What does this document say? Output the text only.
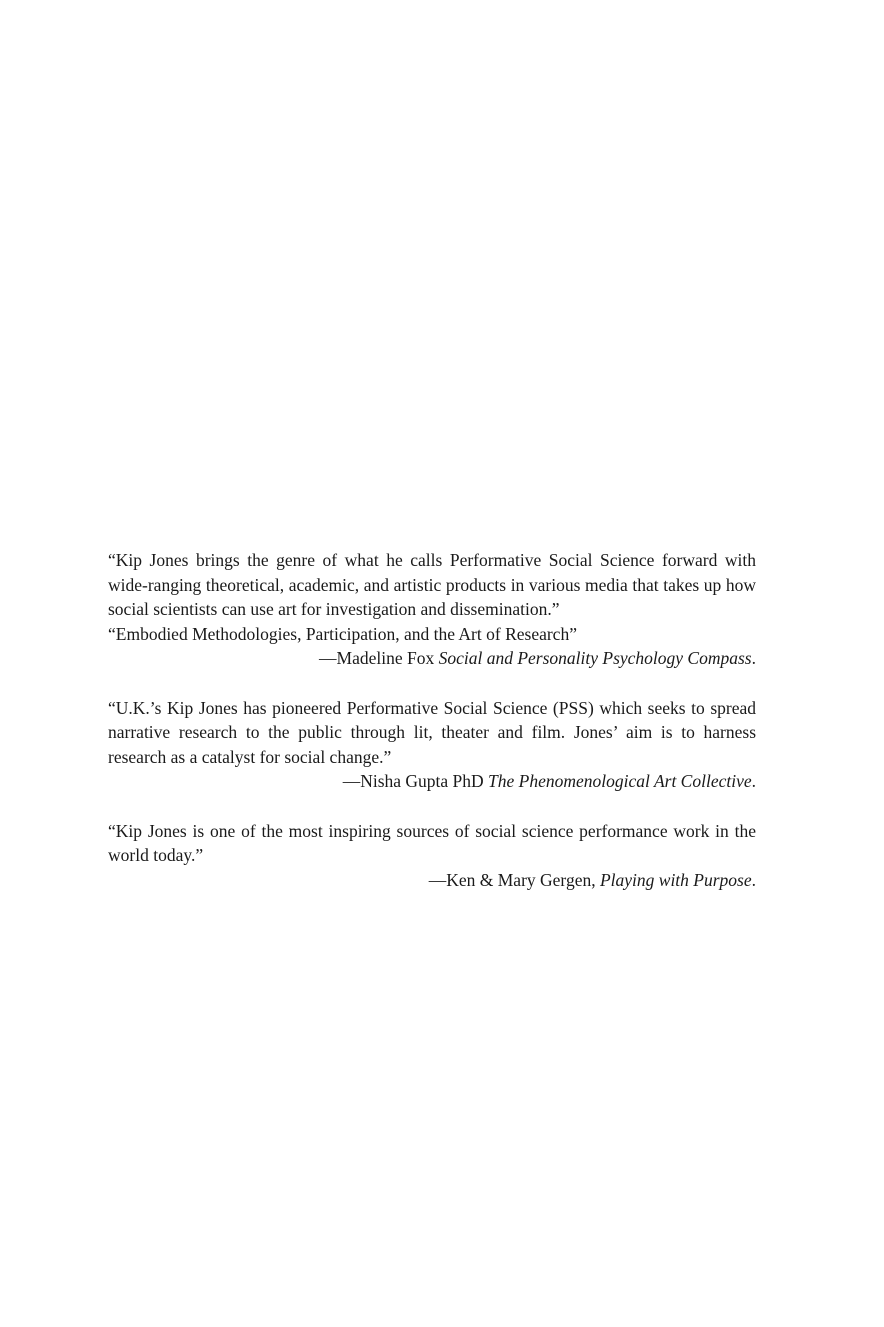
“Kip Jones brings the genre of what he calls Performative Social Science forward with wide-ranging theoretical, academic, and artistic products in various media that takes up how social scientists can use art for investigation and dissemination.”

“Embodied Methodologies, Participation, and the Art of Research”

—Madeline Fox Social and Personality Psychology Compass.

“U.K.’s Kip Jones has pioneered Performative Social Science (PSS) which seeks to spread narrative research to the public through lit, theater and film. Jones’ aim is to harness research as a catalyst for social change.”

—Nisha Gupta PhD The Phenomenological Art Collective.

“Kip Jones is one of the most inspiring sources of social science performance work in the world today.”

—Ken & Mary Gergen, Playing with Purpose.
